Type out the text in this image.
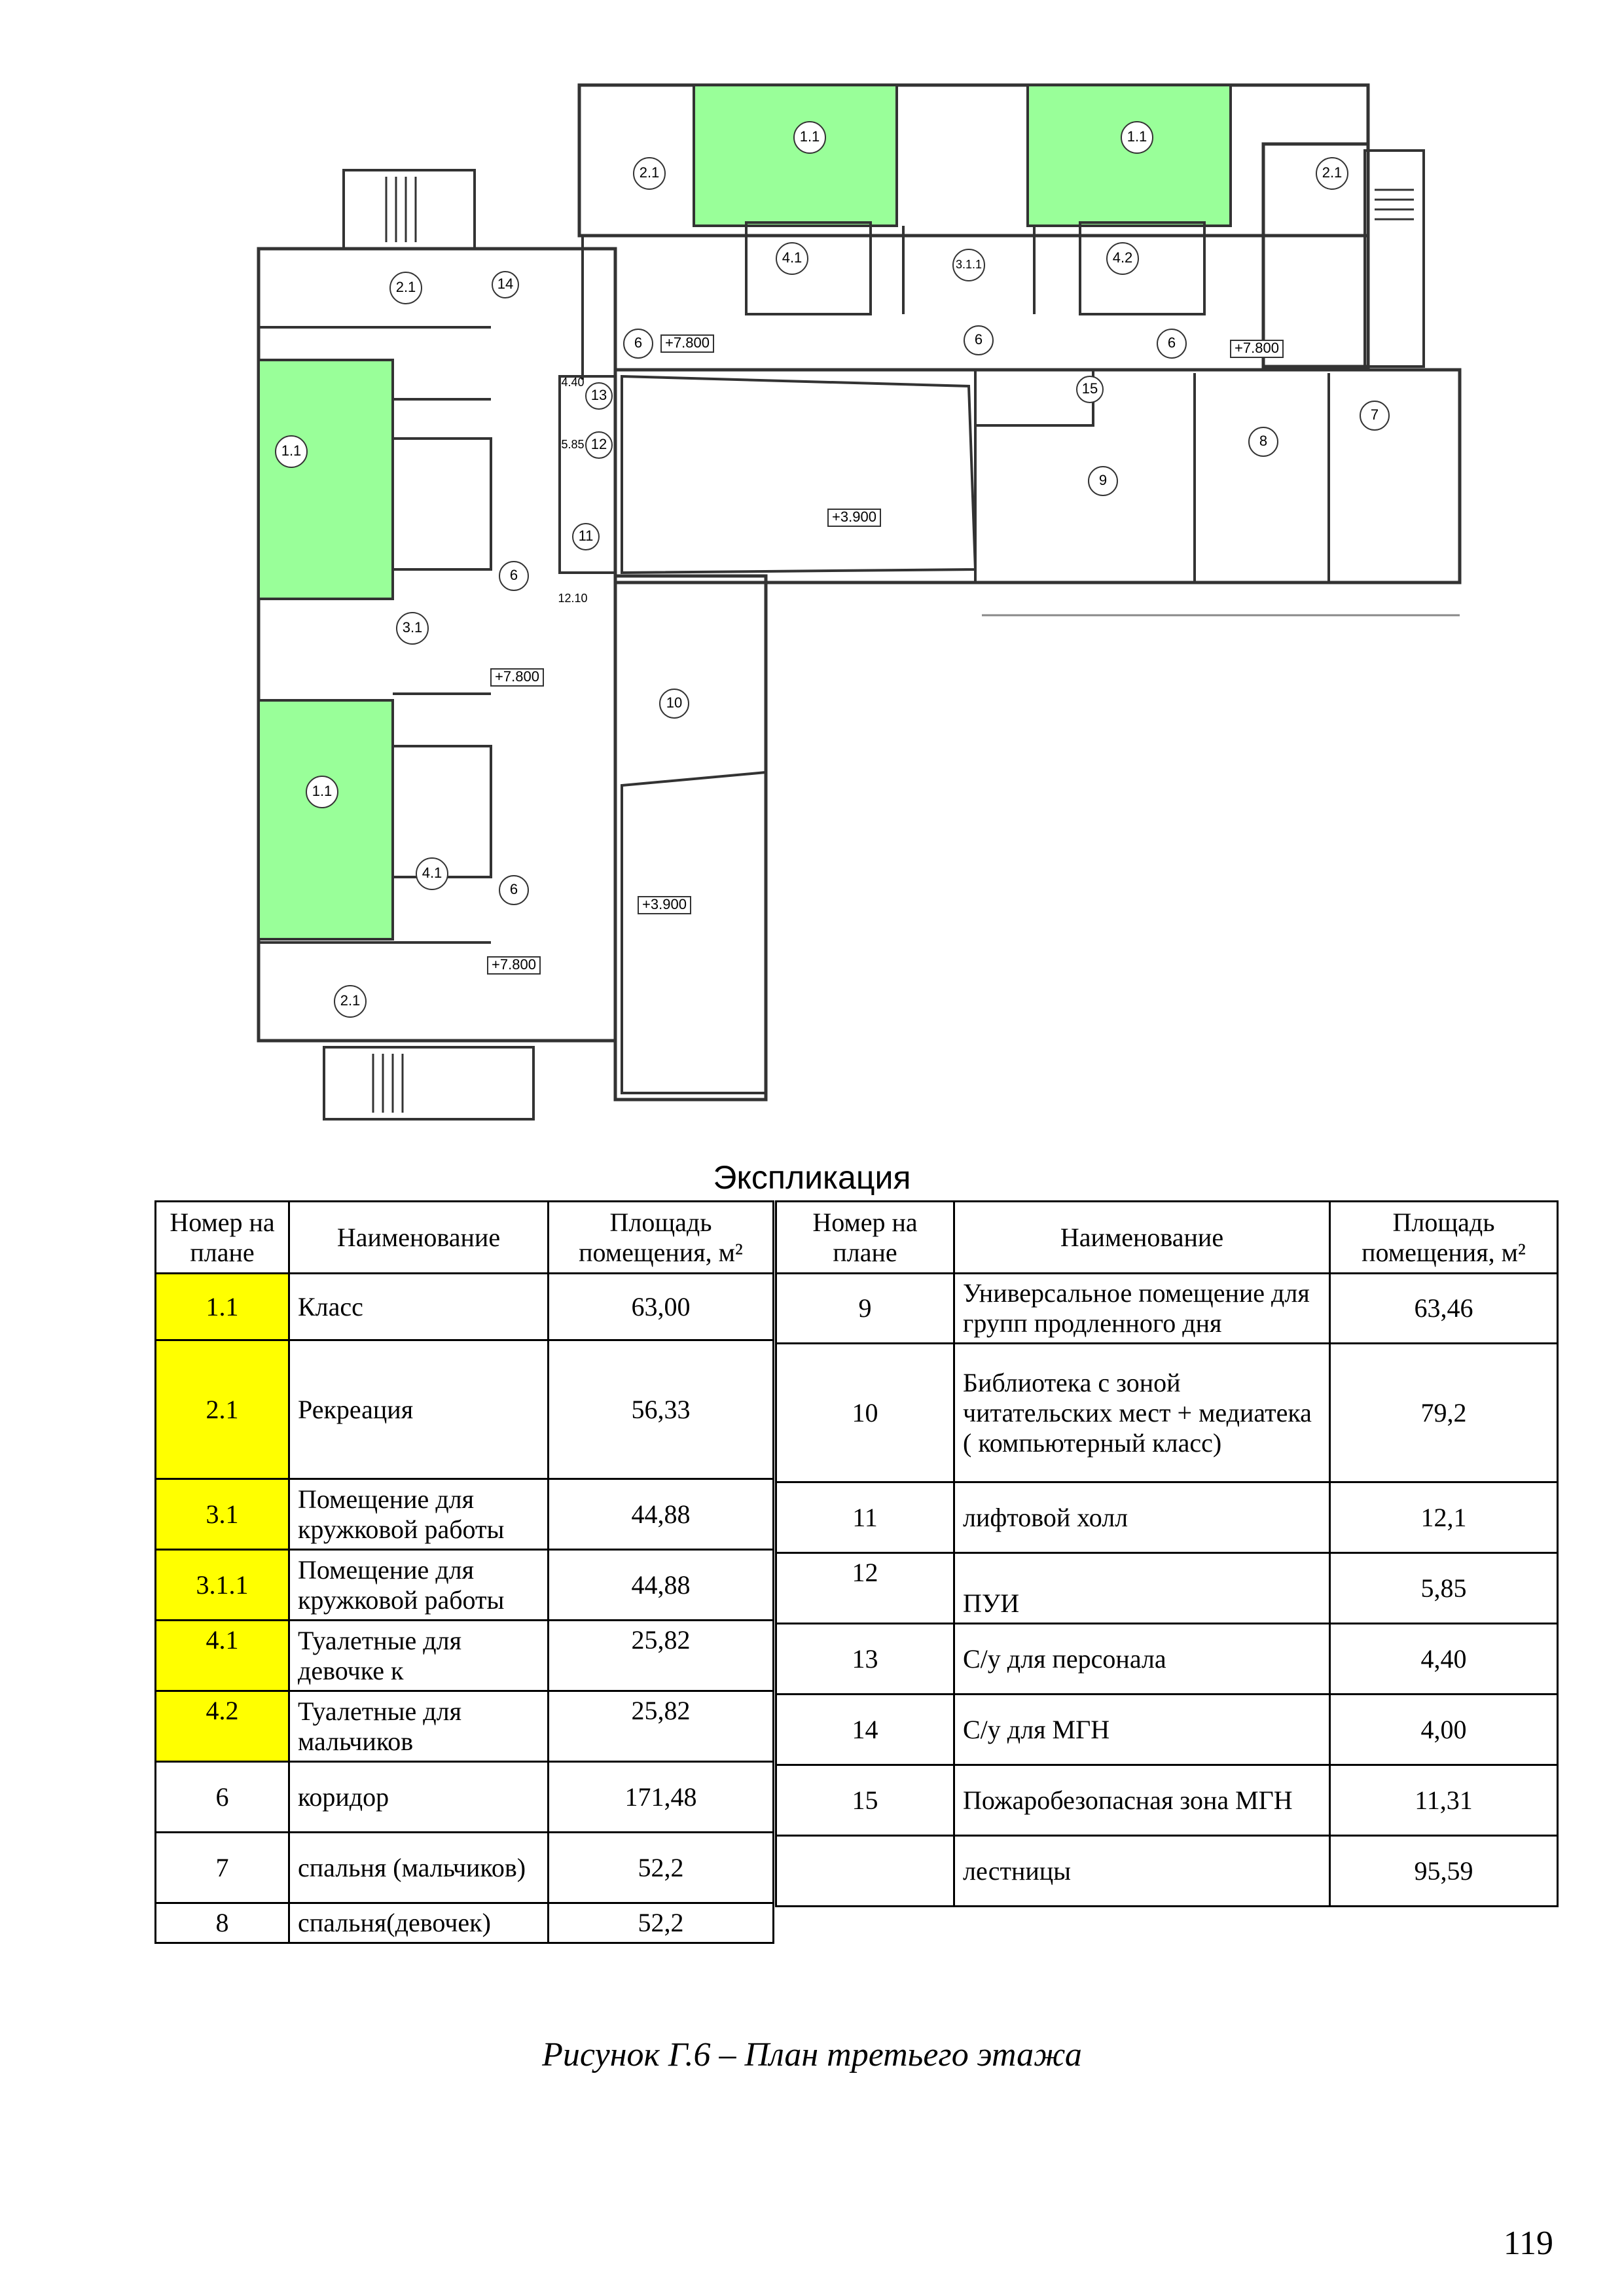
1.1	1.1
1.1
1.1
2.1	2.1
2.1
2.1
3.1.1
3.1
4.1	4.2
4.1
6	6	6
6
6
7
8
9
10
11
12
13
14
15
4.40
5.85
12.10
+7.800	+7.800
+7.800
+7.800
+3.900
+3.900
Экспликация
Номер на плане	Наименование	Площадь помещения, м²
1.1	Класс	63,00
2.1	Рекреация	56,33
3.1	Помещение для кружковой работы	44,88
3.1.1	Помещение для кружковой работы	44,88
4.1	Туалетные для девочке к	25,82
4.2	Туалетные для мальчиков	25,82
6	коридор	171,48
7	спальня (мальчиков)	52,2
8	спальня(девочек)	52,2
Номер на плане	Наименование	Площадь помещения, м²
9	Универсальное помещение для групп продленного дня	63,46
10	Библиотека с зоной читательских мест + медиатека ( компьютерный класс)	79,2
11	лифтовой холл	12,1
12	ПУИ	5,85
13	С/у для персонала	4,40
14	С/у для МГН	4,00
15	Пожаробезопасная зона МГН	11,31
	лестницы	95,59
Рисунок Г.6 – План третьего этажа
119
